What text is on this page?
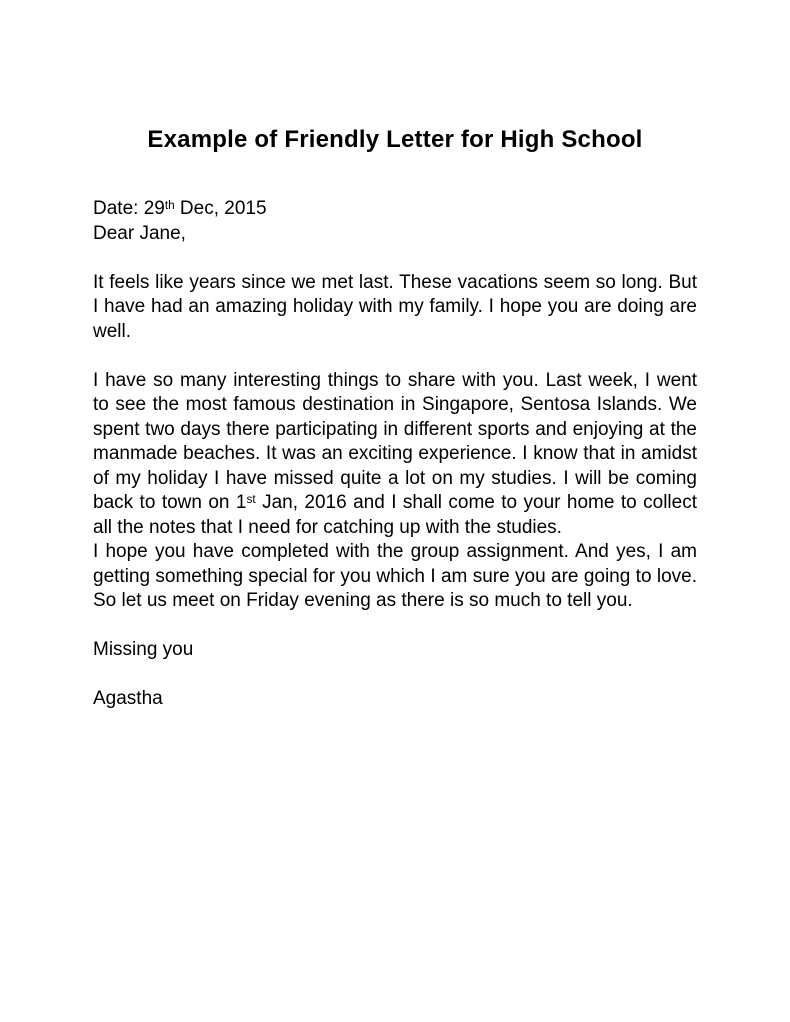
Example of Friendly Letter for High School

Date: 29th Dec, 2015

Dear Jane,

It feels like years since we met last. These vacations seem so long. But I have had an amazing holiday with my family. I hope you are doing are well.

I have so many interesting things to share with you. Last week, I went to see the most famous destination in Singapore, Sentosa Islands. We spent two days there participating in different sports and enjoying at the manmade beaches. It was an exciting experience. I know that in amidst of my holiday I have missed quite a lot on my studies. I will be coming back to town on 1st Jan, 2016 and I shall come to your home to collect all the notes that I need for catching up with the studies.

I hope you have completed with the group assignment. And yes, I am getting something special for you which I am sure you are going to love. So let us meet on Friday evening as there is so much to tell you.

Missing you

Agastha
